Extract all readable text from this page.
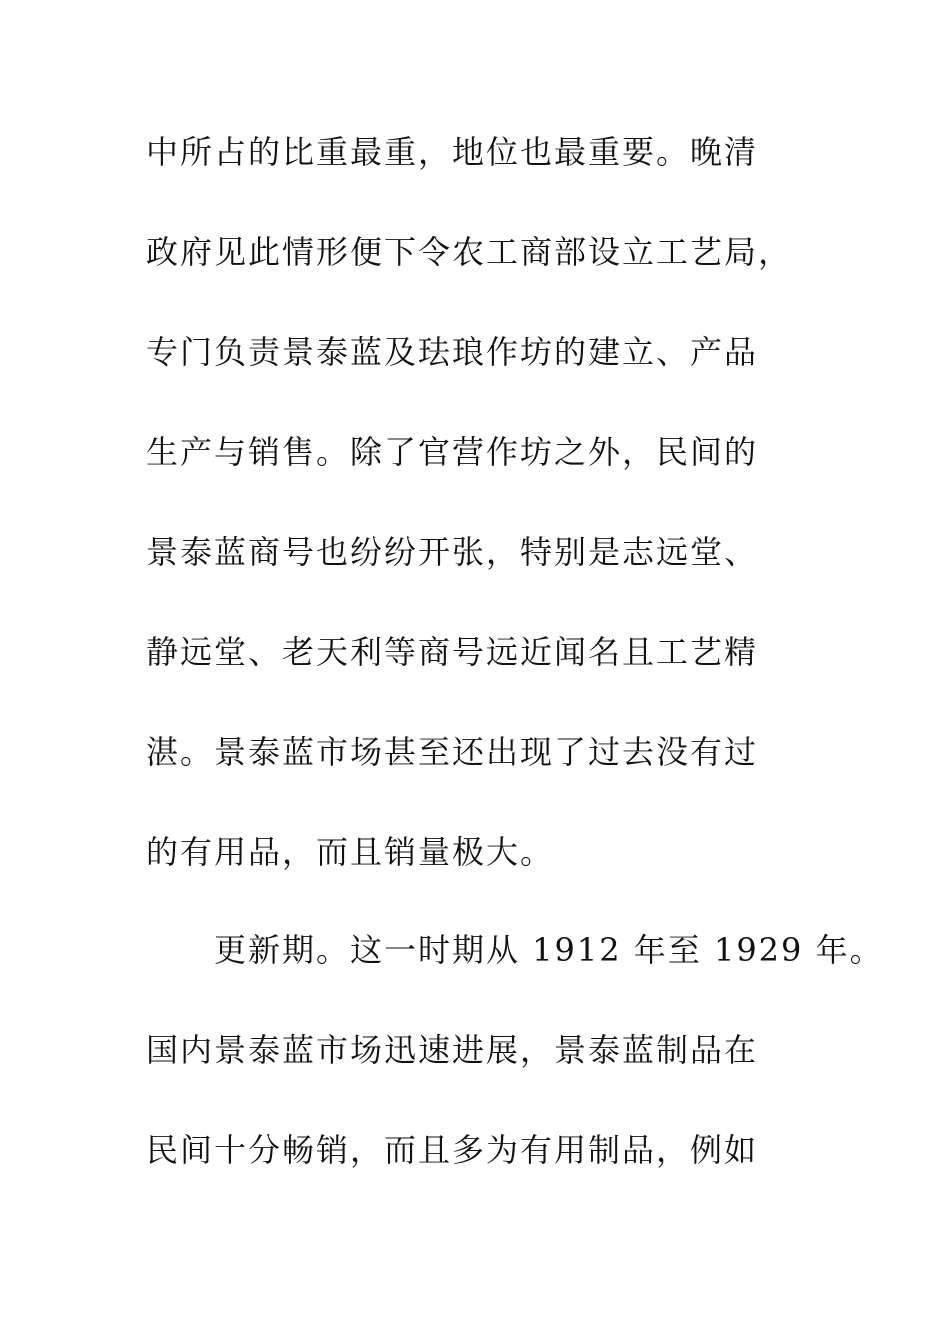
中所占的比重最重，地位也最重要。晚清
政府见此情形便下令农工商部设立工艺局，
专门负责景泰蓝及珐琅作坊的建立、产品
生产与销售。除了官营作坊之外，民间的
景泰蓝商号也纷纷开张，特别是志远堂、
静远堂、老天利等商号远近闻名且工艺精
湛。景泰蓝市场甚至还出现了过去没有过
的有用品，而且销量极大。
更新期。这一时期从 1912 年至 1929 年。
国内景泰蓝市场迅速进展，景泰蓝制品在
民间十分畅销，而且多为有用制品，例如
